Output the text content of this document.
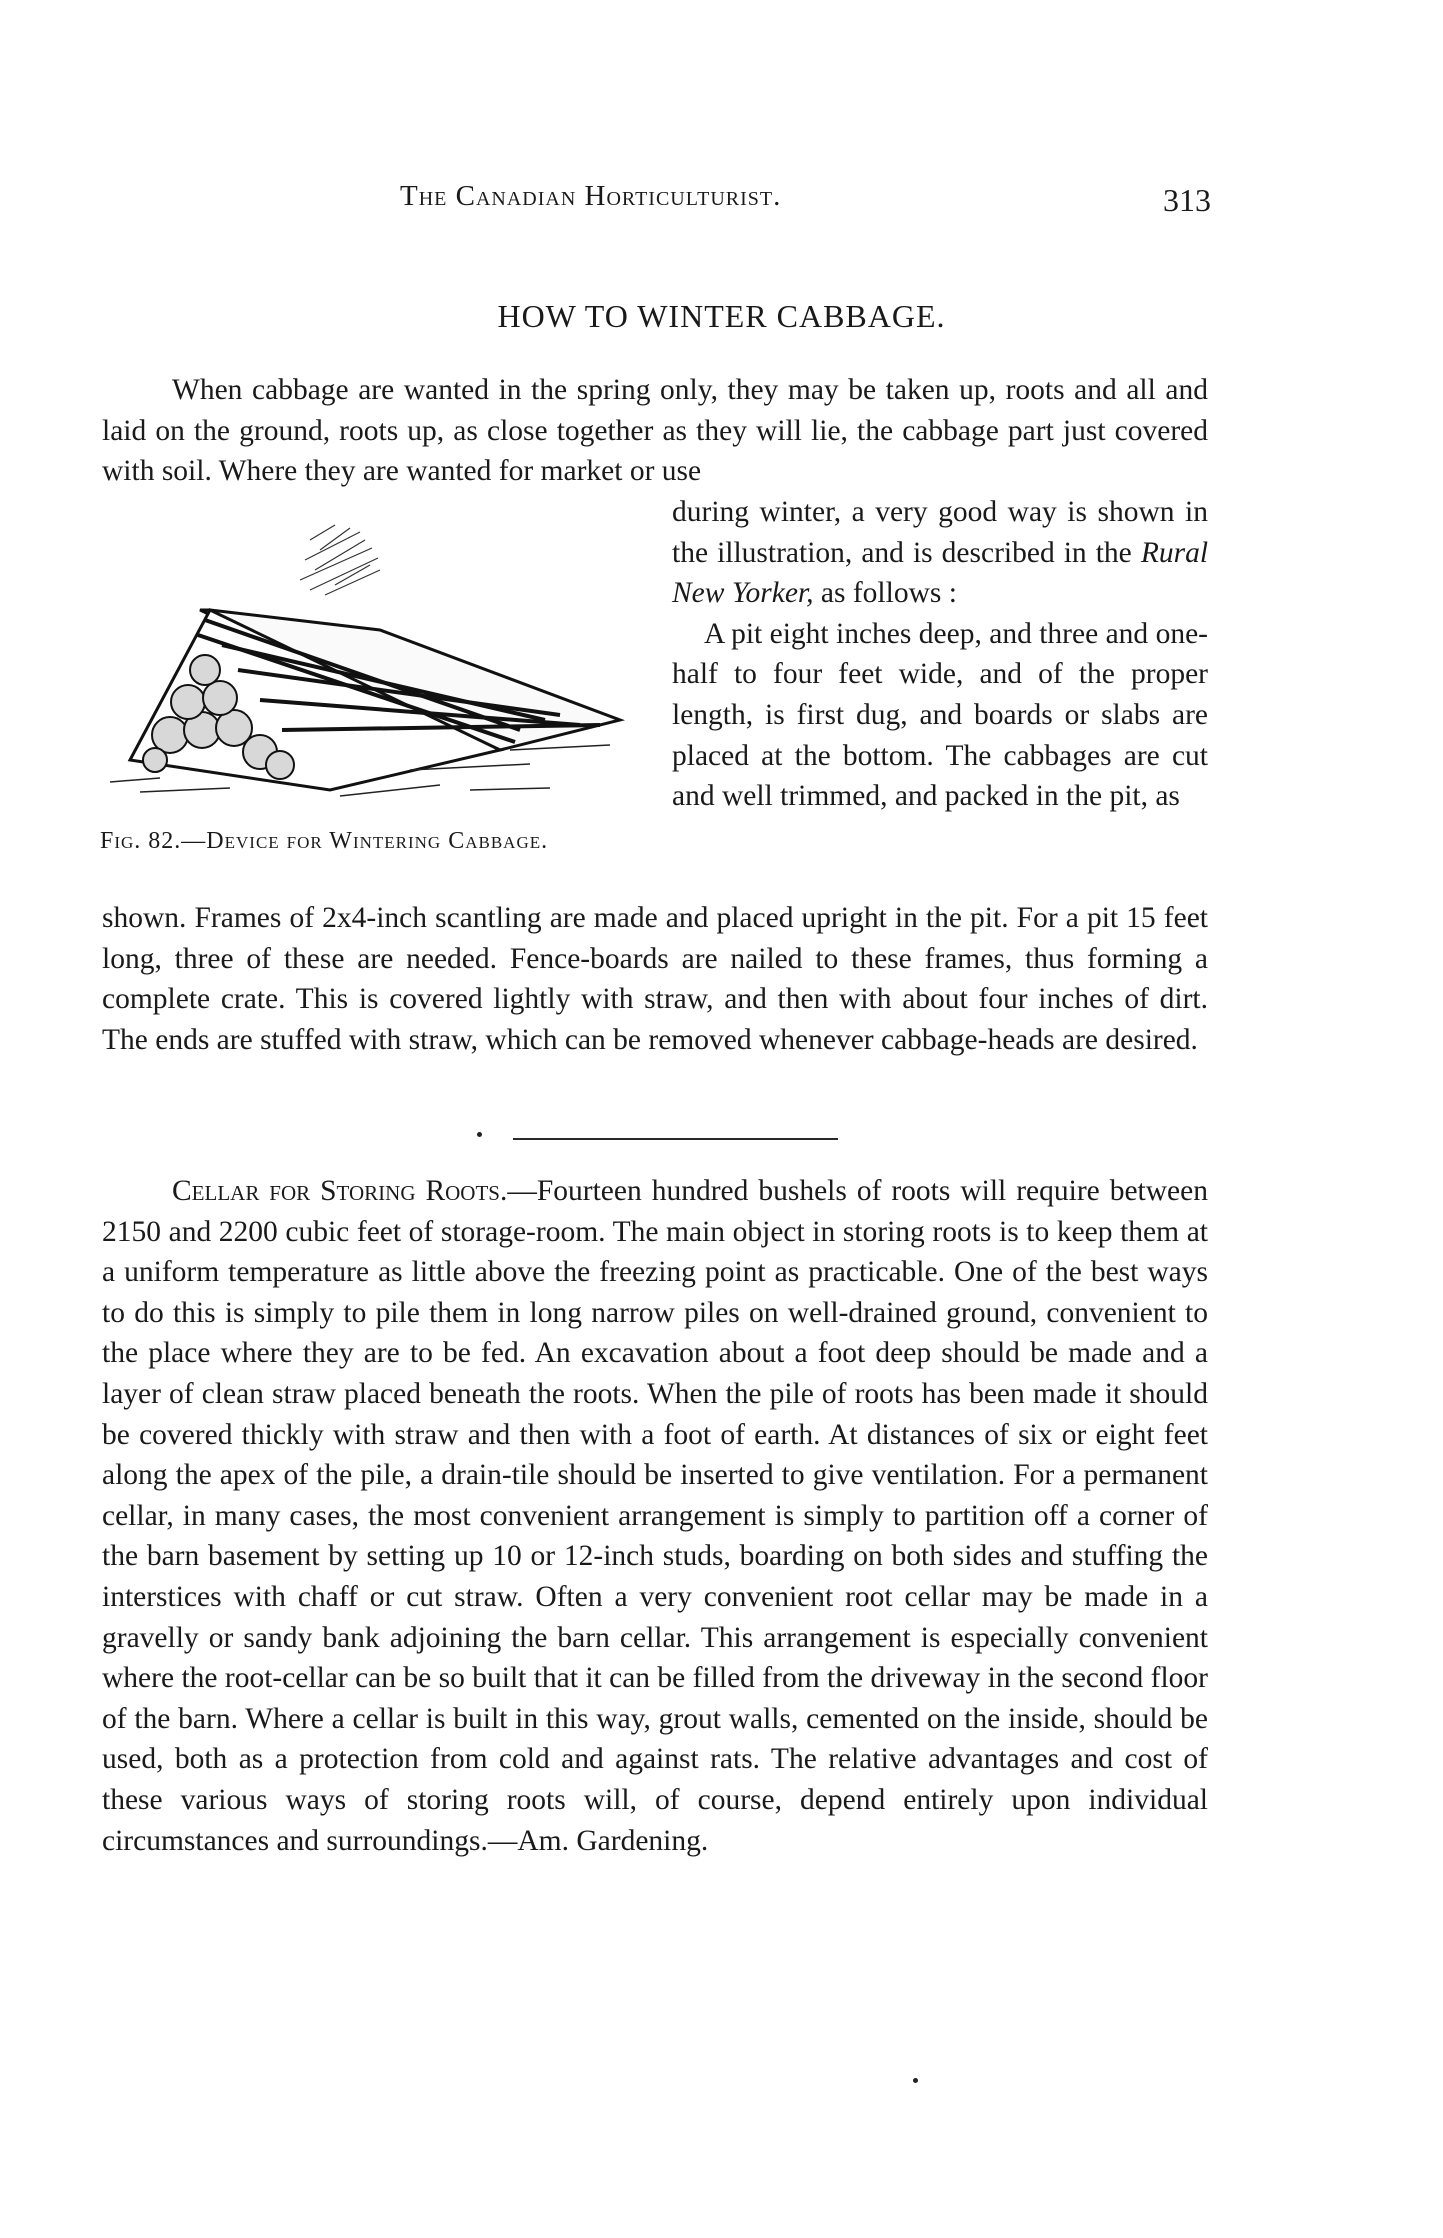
The Canadian Horticulturist.	313
HOW TO WINTER CABBAGE.
When cabbage are wanted in the spring only, they may be taken up, roots and all and laid on the ground, roots up, as close together as they will lie, the cabbage part just covered with soil. Where they are wanted for market or use
during winter, a very good way is shown in the illustration, and is described in the Rural New Yorker, as follows :
A pit eight inches deep, and three and one-half to four feet wide, and of the proper length, is first dug, and boards or slabs are placed at the bottom. The cabbages are cut and well trimmed, and packed in the pit, as
Fig. 82.—Device for Wintering Cabbage.
shown. Frames of 2x4-inch scantling are made and placed upright in the pit. For a pit 15 feet long, three of these are needed. Fence-boards are nailed to these frames, thus forming a complete crate. This is covered lightly with straw, and then with about four inches of dirt. The ends are stuffed with straw, which can be removed whenever cabbage-heads are desired.
Cellar for Storing Roots.—Fourteen hundred bushels of roots will require between 2150 and 2200 cubic feet of storage-room. The main object in storing roots is to keep them at a uniform temperature as little above the freezing point as practicable. One of the best ways to do this is simply to pile them in long narrow piles on well-drained ground, convenient to the place where they are to be fed. An excavation about a foot deep should be made and a layer of clean straw placed beneath the roots. When the pile of roots has been made it should be covered thickly with straw and then with a foot of earth. At distances of six or eight feet along the apex of the pile, a drain-tile should be inserted to give ventilation. For a permanent cellar, in many cases, the most convenient arrangement is simply to partition off a corner of the barn basement by setting up 10 or 12-inch studs, boarding on both sides and stuffing the interstices with chaff or cut straw. Often a very convenient root cellar may be made in a gravelly or sandy bank adjoining the barn cellar. This arrangement is especially convenient where the root-cellar can be so built that it can be filled from the driveway in the second floor of the barn. Where a cellar is built in this way, grout walls, cemented on the inside, should be used, both as a protection from cold and against rats. The relative advantages and cost of these various ways of storing roots will, of course, depend entirely upon individual circumstances and surroundings.—Am. Gardening.
